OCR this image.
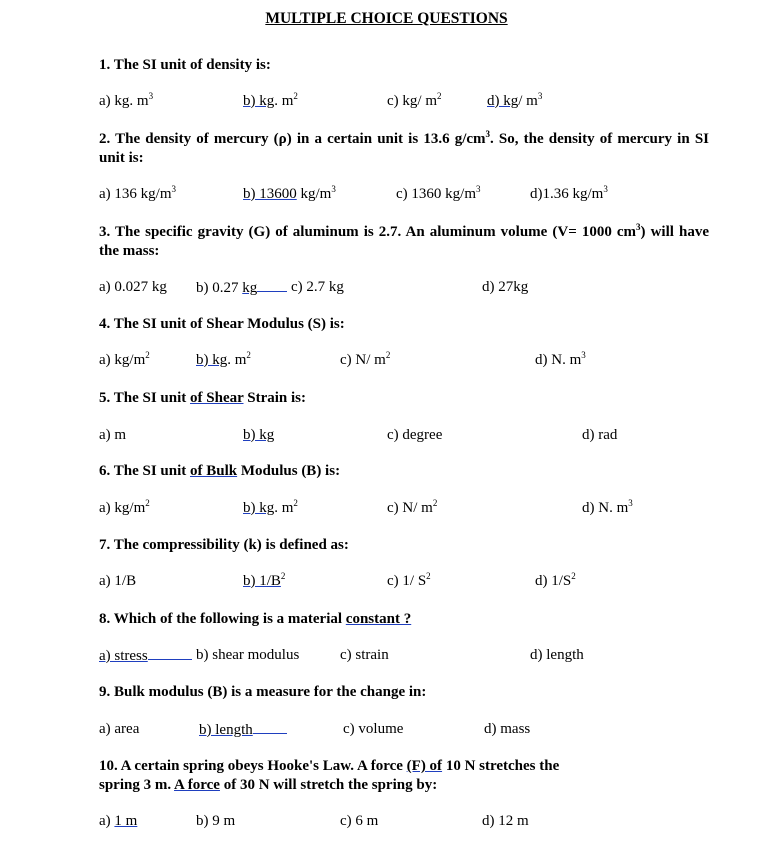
MULTIPLE CHOICE QUESTIONS
1. The SI unit of density is:
a) kg. $m^3$	b) kg. $m^2$	c) kg/ $m^2$	d) kg/ $m^3$
2. The density of mercury (ρ) in a certain unit is 13.6 $g/cm^3$. So, the density of mercury in SI unit is:
a) 136 $kg/m^3$	b) 13600 $kg/m^3$	c) 1360 $kg/m^3$	d)1.36 $kg/m^3$
3. The specific gravity (G) of aluminum is 2.7. An aluminum volume (V= 1000 $cm^3$) will have the mass:
a) 0.027 kg b) 0.27 kg	c) 2.7 kg	d) 27kg
4. The SI unit of Shear Modulus (S) is:
a) $kg/m^2$	b) kg. $m^2$	c) N/ $m^2$	d) N. $m^3$
5. The SI unit of Shear Strain is:
a) m	b) kg	c) degree	d) rad
6. The SI unit of Bulk Modulus (B) is:
a) $kg/m^2$	b) kg. $m^2$	c) N/ $m^2$	d) N. $m^3$
7. The compressibility (k) is defined as:
a) 1/B	b) $1/B^2$	c) 1/ $S^2$	d) $1/S^2$
8. Which of the following is a material constant ?
a) stress	b) shear modulus	c) strain	d) length
9. Bulk modulus (B) is a measure for the change in:
a) area	b) length	c) volume	d) mass
10. A certain spring obeys Hooke's Law. A force (F) of 10 N stretches the
spring 3 m. A force of 30 N will stretch the spring by:
a) 1 m	b) 9 m	c) 6 m	d) 12 m
